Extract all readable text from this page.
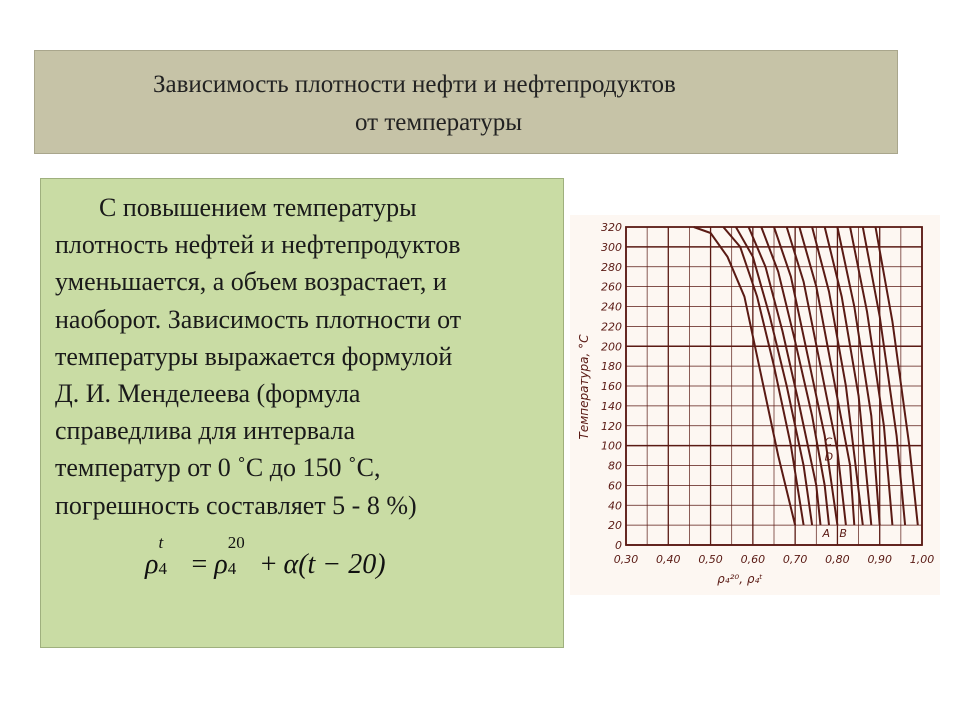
Зависимость плотности нефти и нефтепродуктов
от температуры
С повышением температуры
плотность нефтей и нефтепродуктов
уменьшается, а объем возрастает, и
наоборот. Зависимость плотности от
температуры выражается формулой
Д. И. Менделеева (формула
справедлива для интервала
температур от 0 ˚С до 150 ˚С,
погрешность составляет 5 - 8 %)
ρ
t
4 = ρ
20
4 + α(t − 20)
0
20
40
60
80
100
120
140
160
180
200
220
240
260
280
300
320
0,30 0,40 0,50 0,60 0,70 0,80 0,90 1,00
C
D
A B
Температура, °С
ρ₄²⁰, ρ₄ᵗ
